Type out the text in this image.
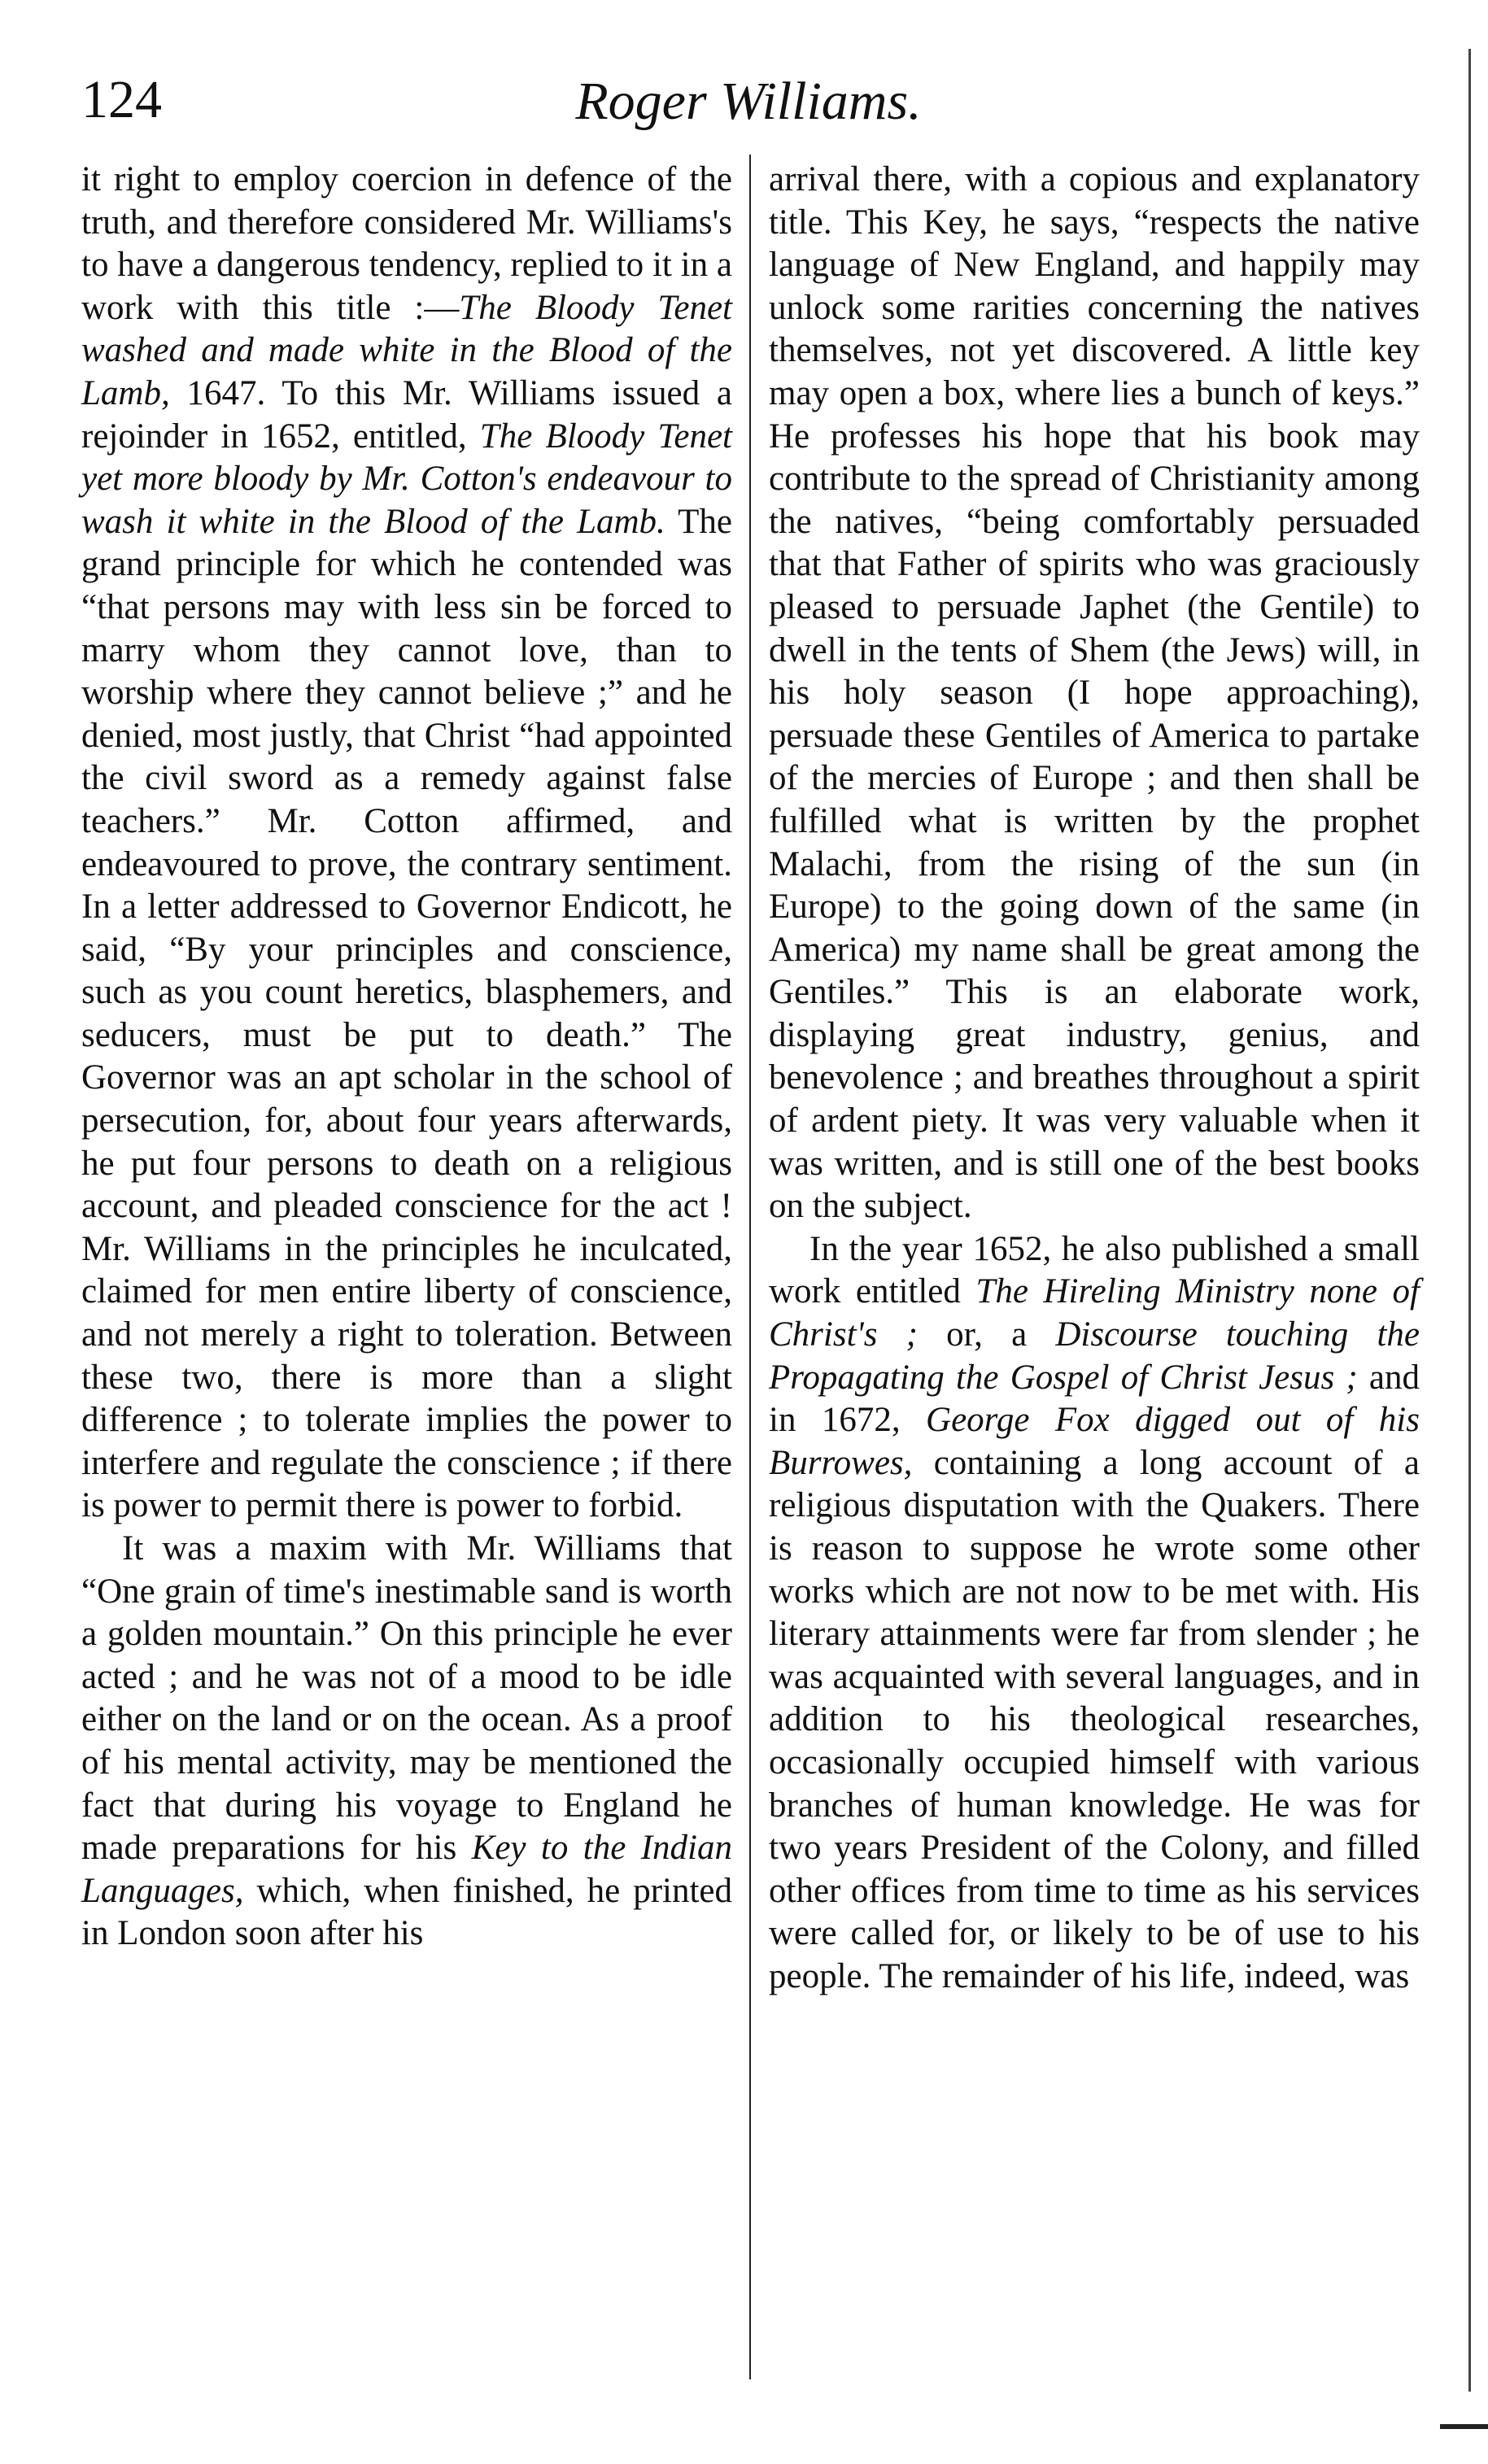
124	Roger Williams.

it right to employ coercion in defence of the truth, and therefore considered Mr. Williams's to have a dangerous tendency, replied to it in a work with this title :—The Bloody Tenet washed and made white in the Blood of the Lamb, 1647. To this Mr. Williams issued a rejoinder in 1652, entitled, The Bloody Tenet yet more bloody by Mr. Cotton's endeavour to wash it white in the Blood of the Lamb. The grand principle for which he contended was “that persons may with less sin be forced to marry whom they cannot love, than to worship where they cannot believe ;” and he denied, most justly, that Christ “had appointed the civil sword as a remedy against false teachers.” Mr. Cotton affirmed, and endeavoured to prove, the contrary sentiment. In a letter addressed to Governor Endicott, he said, “By your principles and conscience, such as you count heretics, blasphemers, and seducers, must be put to death.” The Governor was an apt scholar in the school of persecution, for, about four years afterwards, he put four persons to death on a religious account, and pleaded conscience for the act ! Mr. Williams in the principles he inculcated, claimed for men entire liberty of conscience, and not merely a right to toleration. Between these two, there is more than a slight difference ; to tolerate implies the power to interfere and regulate the conscience ; if there is power to permit there is power to forbid.

It was a maxim with Mr. Williams that “One grain of time's inestimable sand is worth a golden mountain.” On this principle he ever acted ; and he was not of a mood to be idle either on the land or on the ocean. As a proof of his mental activity, may be mentioned the fact that during his voyage to England he made preparations for his Key to the Indian Languages, which, when finished, he printed in London soon after his

arrival there, with a copious and explanatory title. This Key, he says, “respects the native language of New England, and happily may unlock some rarities concerning the natives themselves, not yet discovered. A little key may open a box, where lies a bunch of keys.” He professes his hope that his book may contribute to the spread of Christianity among the natives, “being comfortably persuaded that that Father of spirits who was graciously pleased to persuade Japhet (the Gentile) to dwell in the tents of Shem (the Jews) will, in his holy season (I hope approaching), persuade these Gentiles of America to partake of the mercies of Europe ; and then shall be fulfilled what is written by the prophet Malachi, from the rising of the sun (in Europe) to the going down of the same (in America) my name shall be great among the Gentiles.” This is an elaborate work, displaying great industry, genius, and benevolence ; and breathes throughout a spirit of ardent piety. It was very valuable when it was written, and is still one of the best books on the subject.

In the year 1652, he also published a small work entitled The Hireling Ministry none of Christ's ; or, a Discourse touching the Propagating the Gospel of Christ Jesus ; and in 1672, George Fox digged out of his Burrowes, containing a long account of a religious disputation with the Quakers. There is reason to suppose he wrote some other works which are not now to be met with. His literary attainments were far from slender ; he was acquainted with several languages, and in addition to his theological researches, occasionally occupied himself with various branches of human knowledge. He was for two years President of the Colony, and filled other offices from time to time as his services were called for, or likely to be of use to his people. The remainder of his life, indeed, was
